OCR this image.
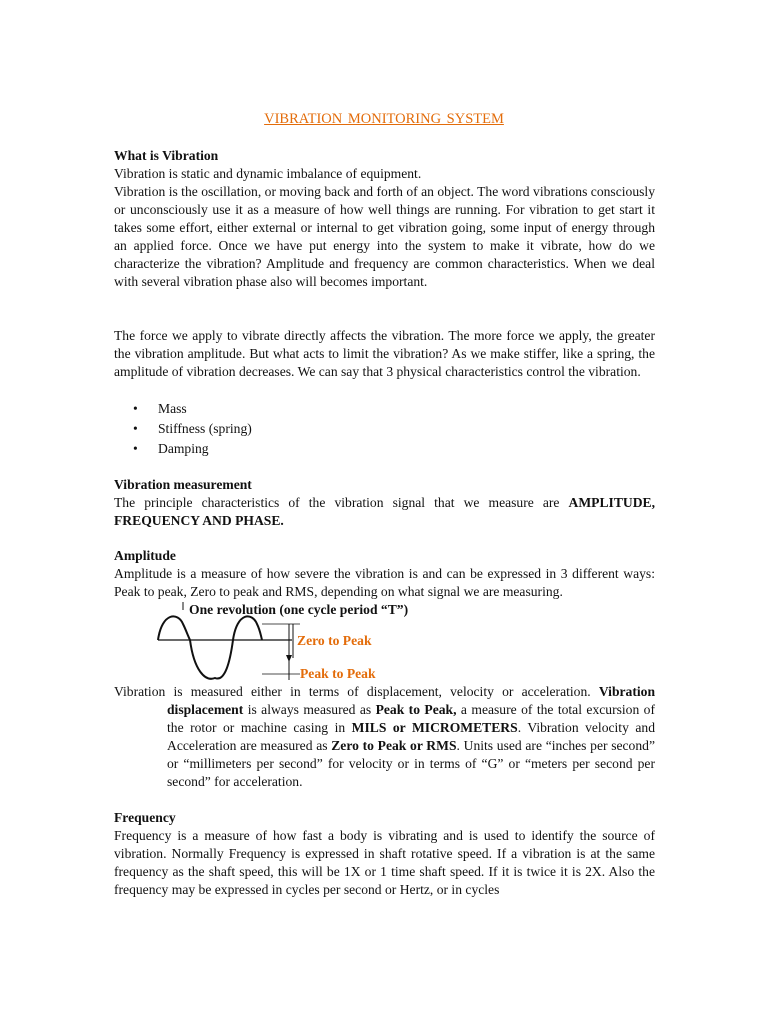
VIBRATION MONITORING SYSTEM
What is Vibration
Vibration is static and dynamic imbalance of equipment.
Vibration is the oscillation, or moving back and forth of an object. The word vibrations consciously or unconsciously use it as a measure of how well things are running. For vibration to get start it takes some effort, either external or internal to get vibration going, some input of energy through an applied force. Once we have put energy into the system to make it vibrate, how do we characterize the vibration? Amplitude and frequency are common characteristics. When we deal with several vibration phase also will becomes important.
The force we apply to vibrate directly affects the vibration. The more force we apply, the greater the vibration amplitude. But what acts to limit the vibration? As we make stiffer, like a spring, the amplitude of vibration decreases. We can say that 3 physical characteristics control the vibration.
• Mass
• Stiffness (spring)
• Damping
Vibration measurement
The principle characteristics of the vibration signal that we measure are AMPLITUDE, FREQUENCY AND PHASE.
Amplitude
Amplitude is a measure of how severe the vibration is and can be expressed in 3 different ways: Peak to peak, Zero to peak and RMS, depending on what signal we are measuring.
One revolution (one cycle period “T”)
Zero to Peak
Peak to Peak
Vibration is measured either in terms of displacement, velocity or acceleration. Vibration displacement is always measured as Peak to Peak, a measure of the total excursion of the rotor or machine casing in MILS or MICROMETERS. Vibration velocity and Acceleration are measured as Zero to Peak or RMS. Units used are “inches per second” or “millimeters per second” for velocity or in terms of “G” or “meters per second per second” for acceleration.
Frequency
Frequency is a measure of how fast a body is vibrating and is used to identify the source of vibration. Normally Frequency is expressed in shaft rotative speed. If a vibration is at the same frequency as the shaft speed, this will be 1X or 1 time shaft speed. If it is twice it is 2X. Also the frequency may be expressed in cycles per second or Hertz, or in cycles
